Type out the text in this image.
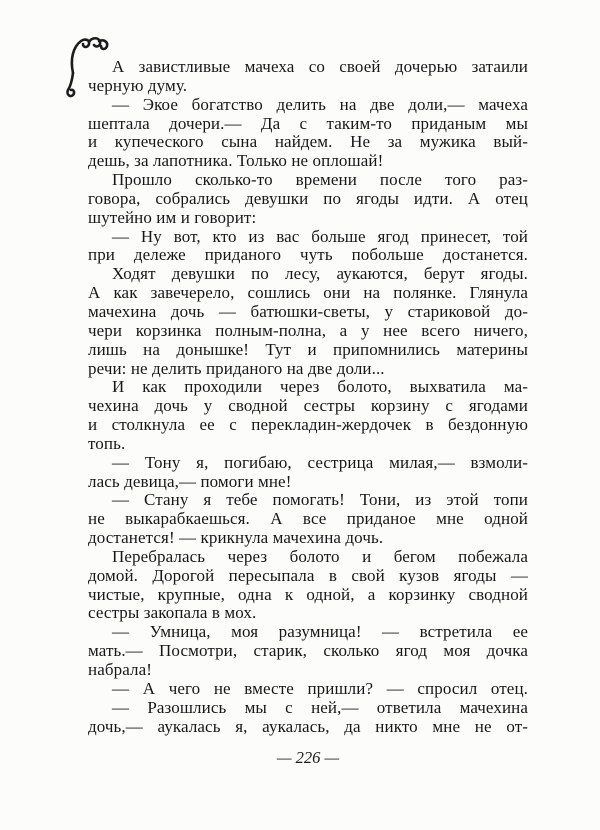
А завистливые мачеха со своей дочерью затаили
черную думу.
— Экое богатство делить на две доли,— мачеха
шептала дочери.— Да с таким-то приданым мы
и купеческого сына найдем. Не за мужика вый-
дешь, за лапотника. Только не оплошай!
Прошло сколько-то времени после того раз-
говора, собрались девушки по ягоды идти. А отец
шутейно им и говорит:
— Ну вот, кто из вас больше ягод принесет, той
при дележе приданого чуть побольше достанется.
Ходят девушки по лесу, аукаются, берут ягоды.
А как завечерело, сошлись они на полянке. Глянула
мачехина дочь — батюшки-светы, у стариковой до-
чери корзинка полным-полна, а у нее всего ничего,
лишь на донышке! Тут и припомнились материны
речи: не делить приданого на две доли...
И как проходили через болото, выхватила ма-
чехина дочь у сводной сестры корзину с ягодами
и столкнула ее с перекладин-жердочек в бездонную
топь.
— Тону я, погибаю, сестрица милая,— взмоли-
лась девица,— помоги мне!
— Стану я тебе помогать! Тони, из этой топи
не выкарабкаешься. А все приданое мне одной
достанется! — крикнула мачехина дочь.
Перебралась через болото и бегом побежала
домой. Дорогой пересыпала в свой кузов ягоды —
чистые, крупные, одна к одной, а корзинку сводной
сестры закопала в мох.
— Умница, моя разумница! — встретила ее
мать.— Посмотри, старик, сколько ягод моя дочка
набрала!
— А чего не вместе пришли? — спросил отец.
— Разошлись мы с ней,— ответила мачехина
дочь,— аукалась я, аукалась, да никто мне не от-
— 226 —
